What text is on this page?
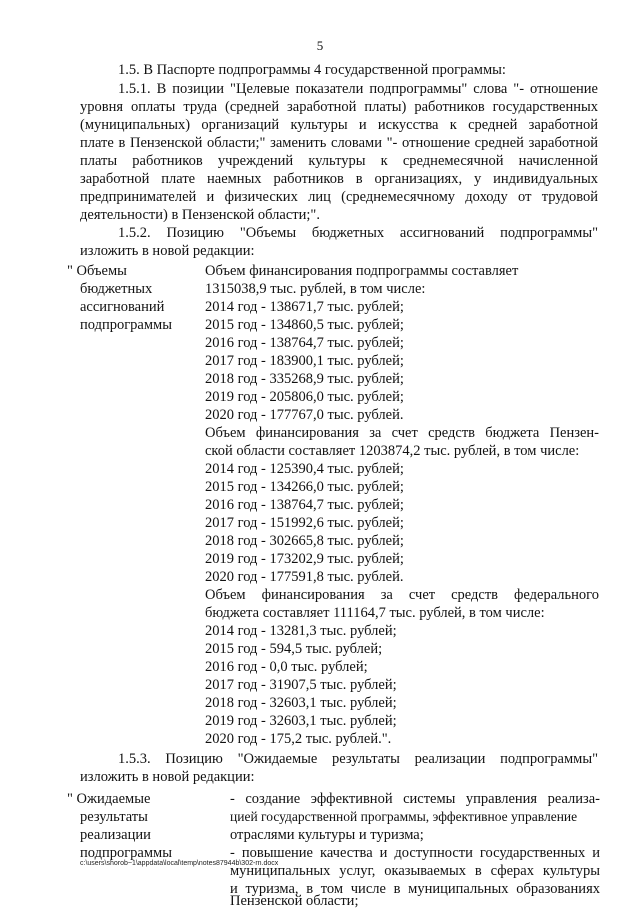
5
1.5. В Паспорте подпрограммы 4 государственной программы:
1.5.1. В позиции "Целевые показатели подпрограммы" слова "- отношение
уровня оплаты труда (средней заработной платы) работников государственных
(муниципальных) организаций культуры и искусства к средней заработной
плате в Пензенской области;" заменить словами "- отношение средней заработной
платы работников учреждений культуры к среднемесячной начисленной
заработной плате наемных работников в организациях, у индивидуальных
предпринимателей и физических лиц (среднемесячному доходу от трудовой
деятельности) в Пензенской области;".
1.5.2. Позицию "Объемы бюджетных ассигнований подпрограммы"
изложить в новой редакции:
" Объемы
бюджетных
ассигнований
подпрограммы
Объем финансирования подпрограммы составляет
1315038,9 тыс. рублей, в том числе:
2014 год - 138671,7 тыс. рублей;
2015 год - 134860,5 тыс. рублей;
2016 год - 138764,7 тыс. рублей;
2017 год - 183900,1 тыс. рублей;
2018 год - 335268,9 тыс. рублей;
2019 год - 205806,0 тыс. рублей;
2020 год - 177767,0 тыс. рублей.
Объем финансирования за счет средств бюджета Пензен-
ской области составляет 1203874,2 тыс. рублей, в том числе:
2014 год - 125390,4 тыс. рублей;
2015 год - 134266,0 тыс. рублей;
2016 год - 138764,7 тыс. рублей;
2017 год - 151992,6 тыс. рублей;
2018 год - 302665,8 тыс. рублей;
2019 год - 173202,9 тыс. рублей;
2020 год - 177591,8 тыс. рублей.
Объем финансирования за счет средств федерального
бюджета составляет 111164,7 тыс. рублей, в том числе:
2014 год - 13281,3 тыс. рублей;
2015 год - 594,5 тыс. рублей;
2016 год - 0,0 тыс. рублей;
2017 год - 31907,5 тыс. рублей;
2018 год - 32603,1 тыс. рублей;
2019 год - 32603,1 тыс. рублей;
2020 год - 175,2 тыс. рублей.".
1.5.3. Позицию "Ожидаемые результаты реализации подпрограммы"
изложить в новой редакции:
" Ожидаемые
результаты
реализации
подпрограммы
- создание эффективной системы управления реализа-
цией государственной программы, эффективное управление
отраслями культуры и туризма;
- повышение качества и доступности государственных и
муниципальных услуг, оказываемых в сферах культуры
и туризма, в том числе в муниципальных образованиях
Пензенской области;
c:\users\shorob~1\appdata\local\temp\notes87944b\302-rn.docx
